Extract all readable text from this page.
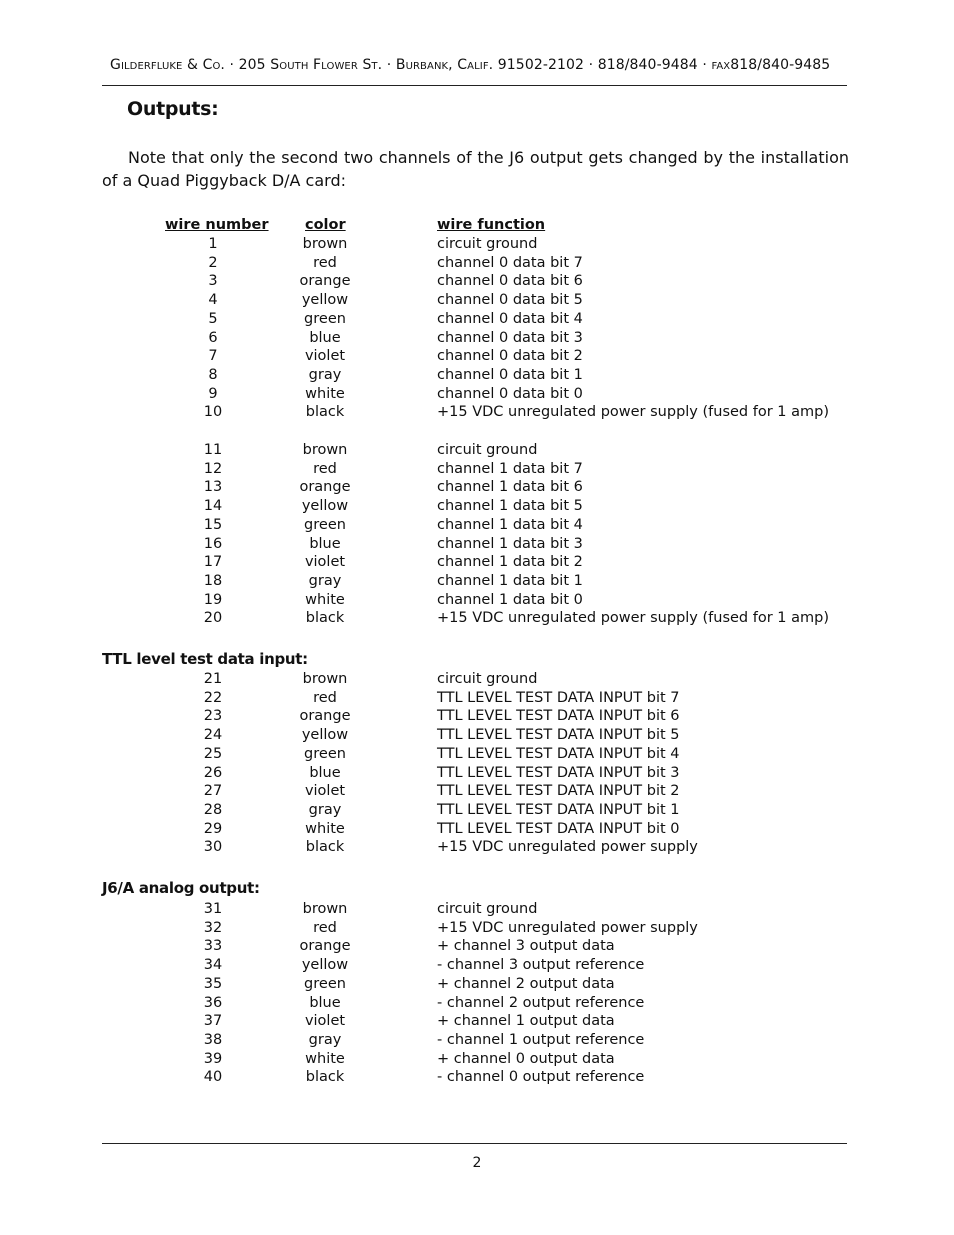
Gilderfluke & Co. · 205 South Flower St. · Burbank, Calif. 91502-2102 · 818/840-9484 · fax818/840-9485
Outputs:
Note that only the second two channels of the J6 output gets changed by the installation of a Quad Piggyback D/A card:
wire number	color	wire function
1	brown	circuit ground
2	red	channel 0 data bit 7
3	orange	channel 0 data bit 6
4	yellow	channel 0 data bit 5
5	green	channel 0 data bit 4
6	blue	channel 0 data bit 3
7	violet	channel 0 data bit 2
8	gray	channel 0 data bit 1
9	white	channel 0 data bit 0
10	black	+15 VDC unregulated power supply (fused for 1 amp)
11	brown	circuit ground
12	red	channel 1 data bit 7
13	orange	channel 1 data bit 6
14	yellow	channel 1 data bit 5
15	green	channel 1 data bit 4
16	blue	channel 1 data bit 3
17	violet	channel 1 data bit 2
18	gray	channel 1 data bit 1
19	white	channel 1 data bit 0
20	black	+15 VDC unregulated power supply (fused for 1 amp)
TTL level test data input:
21	brown	circuit ground
22	red	TTL LEVEL TEST DATA INPUT bit 7
23	orange	TTL LEVEL TEST DATA INPUT bit 6
24	yellow	TTL LEVEL TEST DATA INPUT bit 5
25	green	TTL LEVEL TEST DATA INPUT bit 4
26	blue	TTL LEVEL TEST DATA INPUT bit 3
27	violet	TTL LEVEL TEST DATA INPUT bit 2
28	gray	TTL LEVEL TEST DATA INPUT bit 1
29	white	TTL LEVEL TEST DATA INPUT bit 0
30	black	+15 VDC unregulated power supply
J6/A analog output:
31	brown	circuit ground
32	red	+15 VDC unregulated power supply
33	orange	+ channel 3 output data
34	yellow	- channel 3 output reference
35	green	+ channel 2 output data
36	blue	- channel 2 output reference
37	violet	+ channel 1 output data
38	gray	- channel 1 output reference
39	white	+ channel 0 output data
40	black	- channel 0 output reference
2
